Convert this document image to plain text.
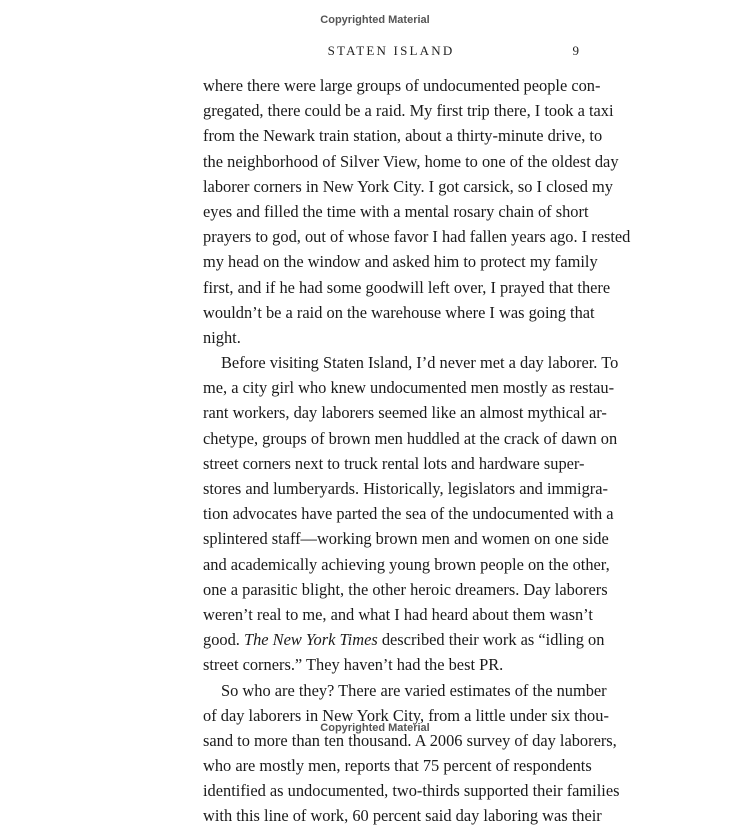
Copyrighted Material
STATEN ISLAND	9
where there were large groups of undocumented people con-
gregated, there could be a raid. My first trip there, I took a taxi
from the Newark train station, about a thirty-minute drive, to
the neighborhood of Silver View, home to one of the oldest day
laborer corners in New York City. I got carsick, so I closed my
eyes and filled the time with a mental rosary chain of short
prayers to god, out of whose favor I had fallen years ago. I rested
my head on the window and asked him to protect my family
first, and if he had some goodwill left over, I prayed that there
wouldn’t be a raid on the warehouse where I was going that
night.
Before visiting Staten Island, I’d never met a day laborer. To
me, a city girl who knew undocumented men mostly as restau-
rant workers, day laborers seemed like an almost mythical ar-
chetype, groups of brown men huddled at the crack of dawn on
street corners next to truck rental lots and hardware super-
stores and lumberyards. Historically, legislators and immigra-
tion advocates have parted the sea of the undocumented with a
splintered staff—working brown men and women on one side
and academically achieving young brown people on the other,
one a parasitic blight, the other heroic dreamers. Day laborers
weren’t real to me, and what I had heard about them wasn’t
good. The New York Times described their work as “idling on
street corners.” They haven’t had the best PR.
So who are they? There are varied estimates of the number
of day laborers in New York City, from a little under six thou-
sand to more than ten thousand. A 2006 survey of day laborers,
who are mostly men, reports that 75 percent of respondents
identified as undocumented, two-thirds supported their families
with this line of work, 60 percent said day laboring was their
Copyrighted Material
